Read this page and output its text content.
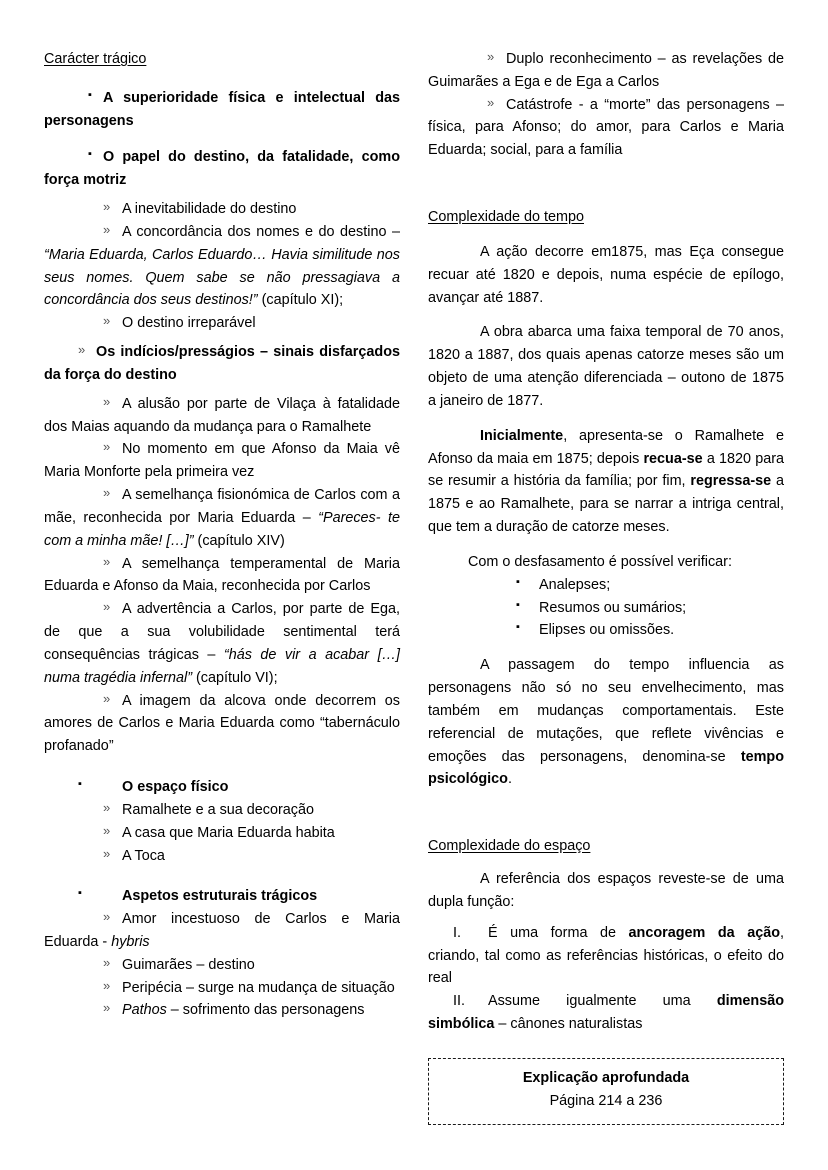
Carácter trágico
▪ A superioridade física e intelectual das personagens
▪ O papel do destino, da fatalidade, como força motriz
» A inevitabilidade do destino
» A concordância dos nomes e do destino – “Maria Eduarda, Carlos Eduardo… Havia similitude nos seus nomes. Quem sabe se não pressagiava a concordância dos seus destinos!” (capítulo XI);
» O destino irreparável
» Os indícios/presságios – sinais disfarçados da força do destino
» A alusão por parte de Vilaça à fatalidade dos Maias aquando da mudança para o Ramalhete
» No momento em que Afonso da Maia vê Maria Monforte pela primeira vez
» A semelhança fisionómica de Carlos com a mãe, reconhecida por Maria Eduarda – “Pareces- te com a minha mãe! […]” (capítulo XIV)
» A semelhança temperamental de Maria Eduarda e Afonso da Maia, reconhecida por Carlos
» A advertência a Carlos, por parte de Ega, de que a sua volubilidade sentimental terá consequências trágicas – “hás de vir a acabar […] numa tragédia infernal” (capítulo VI);
» A imagem da alcova onde decorrem os amores de Carlos e Maria Eduarda como “tabernáculo profanado”
▪	O espaço físico
» Ramalhete e a sua decoração
» A casa que Maria Eduarda habita
» A Toca
▪	Aspetos estruturais trágicos
» Amor incestuoso de Carlos e Maria Eduarda - hybris
» Guimarães – destino
» Peripécia – surge na mudança de situação
» Pathos – sofrimento das personagens
» Duplo reconhecimento – as revelações de Guimarães a Ega e de Ega a Carlos
» Catástrofe - a “morte” das personagens – física, para Afonso; do amor, para Carlos e Maria Eduarda; social, para a família
Complexidade do tempo
A ação decorre em1875, mas Eça consegue recuar até 1820 e depois, numa espécie de epílogo, avançar até 1887.
A obra abarca uma faixa temporal de 70 anos, 1820 a 1887, dos quais apenas catorze meses são um objeto de uma atenção diferenciada – outono de 1875 a janeiro de 1877.
Inicialmente, apresenta-se o Ramalhete e Afonso da maia em 1875; depois recua-se a 1820 para se resumir a história da família; por fim, regressa-se a 1875 e ao Ramalhete, para se narrar a intriga central, que tem a duração de catorze meses.
Com o desfasamento é possível verificar:
▪	Analepses;
▪	Resumos ou sumários;
▪	Elipses ou omissões.
A passagem do tempo influencia as personagens não só no seu envelhecimento, mas também em mudanças comportamentais. Este referencial de mutações, que reflete vivências e emoções das personagens, denomina-se tempo psicológico.
Complexidade do espaço
A referência dos espaços reveste-se de uma dupla função:
I.	É uma forma de ancoragem da ação, criando, tal como as referências históricas, o efeito do real
II.	Assume igualmente uma dimensão simbólica – cânones naturalistas
Explicação aprofundada
Página 214 a 236
